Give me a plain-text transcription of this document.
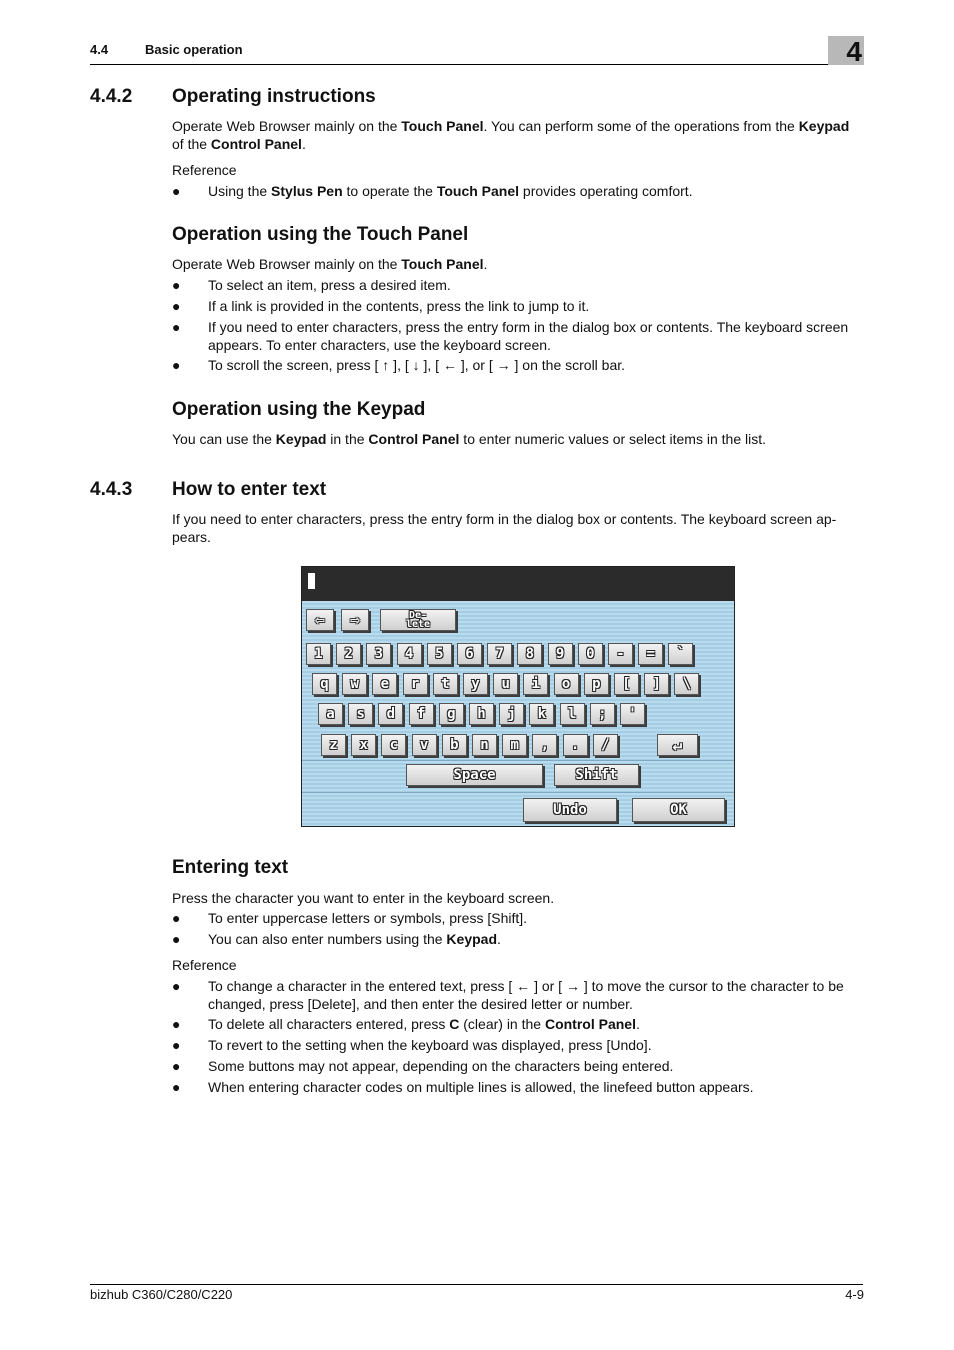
4.4	Basic operation	4
4.4.2 Operating instructions
Operate Web Browser mainly on the Touch Panel. You can perform some of the operations from the Keypad of the Control Panel.
Reference
● Using the Stylus Pen to operate the Touch Panel provides operating comfort.
Operation using the Touch Panel
Operate Web Browser mainly on the Touch Panel.
● To select an item, press a desired item.
● If a link is provided in the contents, press the link to jump to it.
● If you need to enter characters, press the entry form in the dialog box or contents. The keyboard screen appears. To enter characters, use the keyboard screen.
● To scroll the screen, press [ ↑ ], [ ↓ ], [ ← ], or [ → ] on the scroll bar.
Operation using the Keypad
You can use the Keypad in the Control Panel to enter numeric values or select items in the list.
4.4.3 How to enter text
If you need to enter characters, press the entry form in the dialog box or contents. The keyboard screen ap-pears.
⇦	⇨	De-
lete
1	2	3	4	5	6	7	8	9	0	-	=	`
q	w	e	r	t	y	u	i	o	p	[	]	\
a	s	d	f	g	h	j	k	l	;	'
z	x	c	v	b	n	m	,	.	/	↵
Space	Shift
Undo	OK
Entering text
Press the character you want to enter in the keyboard screen.
● To enter uppercase letters or symbols, press [Shift].
● You can also enter numbers using the Keypad.
Reference
● To change a character in the entered text, press [ ← ] or [ → ] to move the cursor to the character to be changed, press [Delete], and then enter the desired letter or number.
● To delete all characters entered, press C (clear) in the Control Panel.
● To revert to the setting when the keyboard was displayed, press [Undo].
● Some buttons may not appear, depending on the characters being entered.
● When entering character codes on multiple lines is allowed, the linefeed button appears.
bizhub C360/C280/C220	4-9
